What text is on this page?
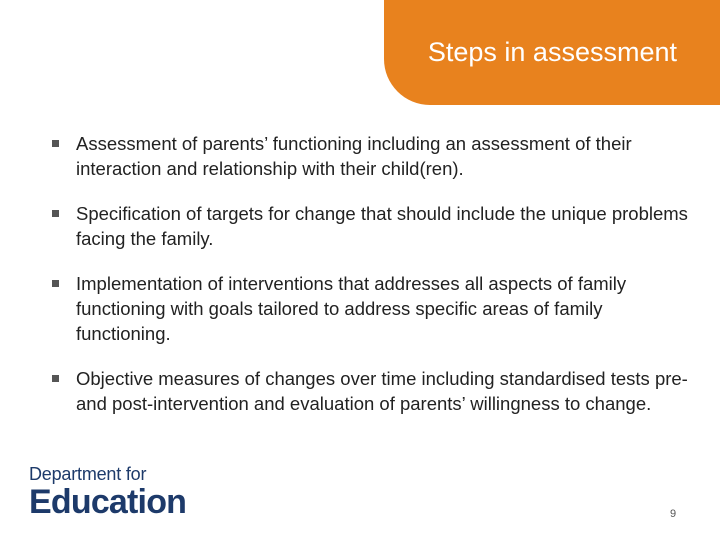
Steps in assessment
Assessment of parents’ functioning including an assessment of their interaction and relationship with their child(ren).
Specification of targets for change that should include the unique problems facing the family.
Implementation of interventions that addresses all aspects of family functioning with goals tailored to address specific areas of family functioning.
Objective measures of changes over time including standardised tests pre- and post-intervention and evaluation of parents’ willingness to change.
Department for
Education	9
